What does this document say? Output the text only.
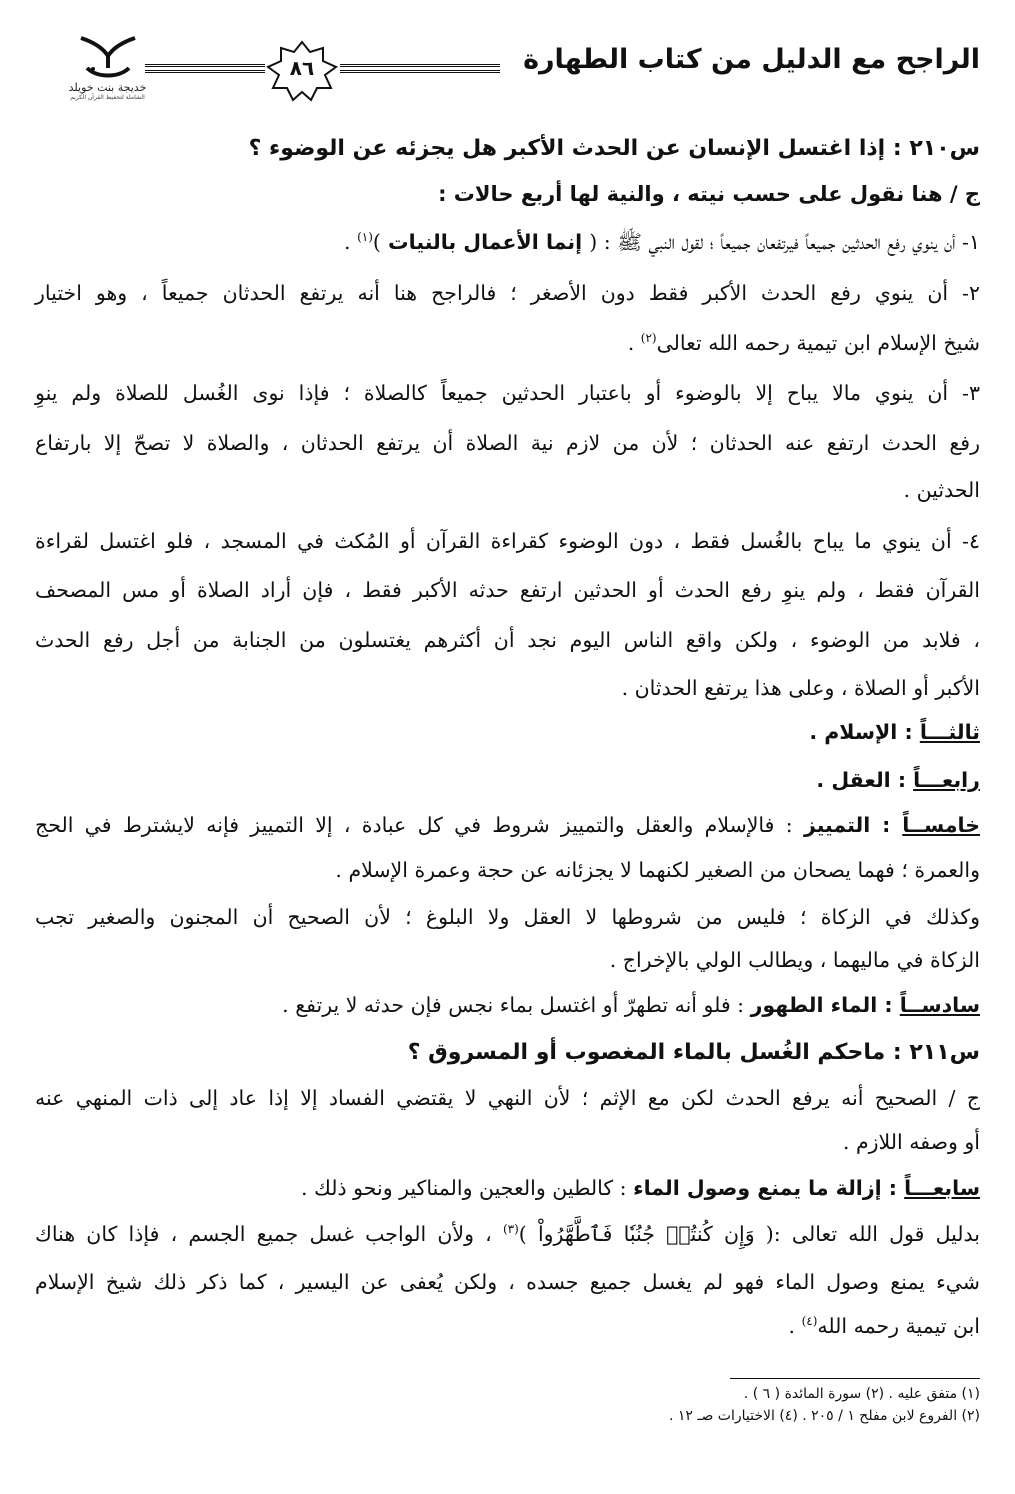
خديجة بنت خويلد
الشاملة لتحفيظ القرآن الكريم
٨٦	الراجح مع الدليل من كتاب الطهارة
س٢١٠ : إذا اغتسل الإنسان عن الحدث الأكبر هل يجزئه عن الوضوء ؟
ج / هنا نقول على حسب نيته ، والنية لها أربع حالات :
١- أن ينوي رفع الحدثين جميعاً فيرتفعان جميعاً ؛ لقول النبي ﷺ : ( إنما الأعمال بالنيات )$^{(١)}$ .
٢- أن ينوي رفع الحدث الأكبر فقط دون الأصغر ؛ فالراجح هنا أنه يرتفع الحدثان جميعاً ، وهو اختيار
شيخ الإسلام ابن تيمية رحمه الله تعالى$^{(٢)}$ .
٣- أن ينوي مالا يباح إلا بالوضوء أو باعتبار الحدثين جميعاً كالصلاة ؛ فإذا نوى الغُسل للصلاة ولم ينوِ
رفع الحدث ارتفع عنه الحدثان ؛ لأن من لازم نية الصلاة أن يرتفع الحدثان ، والصلاة لا تصحّ إلا بارتفاع
الحدثين .
٤- أن ينوي ما يباح بالغُسل فقط ، دون الوضوء كقراءة القرآن أو المُكث في المسجد ، فلو اغتسل لقراءة
القرآن فقط ، ولم ينوِ رفع الحدث أو الحدثين ارتفع حدثه الأكبر فقط ، فإن أراد الصلاة أو مس المصحف
، فلابد من الوضوء ، ولكن واقع الناس اليوم نجد أن أكثرهم يغتسلون من الجنابة من أجل رفع الحدث
الأكبر أو الصلاة ، وعلى هذا يرتفع الحدثان .
ثالثـــاً : الإسلام .
رابعـــاً : العقل .
خامســاً : التمييز : فالإسلام والعقل والتمييز شروط في كل عبادة ، إلا التمييز فإنه لايشترط في الحج
والعمرة ؛ فهما يصحان من الصغير لكنهما لا يجزئانه عن حجة وعمرة الإسلام .
وكذلك في الزكاة ؛ فليس من شروطها لا العقل ولا البلوغ ؛ لأن الصحيح أن المجنون والصغير تجب
الزكاة في ماليهما ، ويطالب الولي بالإخراج .
سادســاً : الماء الطهور : فلو أنه تطهرّ أو اغتسل بماء نجس فإن حدثه لا يرتفع .
س٢١١ : ماحكم الغُسل بالماء المغصوب أو المسروق ؟
ج / الصحيح أنه يرفع الحدث لكن مع الإثم ؛ لأن النهي لا يقتضي الفساد إلا إذا عاد إلى ذات المنهي عنه
أو وصفه اللازم .
سابعـــاً : إزالة ما يمنع وصول الماء : كالطين والعجين والمناكير ونحو ذلك .
بدليل قول الله تعالى :( وَإِن كُنتُمۡ جُنُبٗا فَٱطَّهَّرُواْ )$^{(٣)}$ ، ولأن الواجب غسل جميع الجسم ، فإذا كان هناك
شيء يمنع وصول الماء فهو لم يغسل جميع جسده ، ولكن يُعفى عن اليسير ، كما ذكر ذلك شيخ الإسلام
ابن تيمية رحمه الله$^{(٤)}$ .
(١) متفق عليه . (٢) سورة المائدة ( ٦ ) .
(٢) الفروع لابن مفلح ١ / ٢٠٥ . (٤) الاختيارات صـ ١٢ .
